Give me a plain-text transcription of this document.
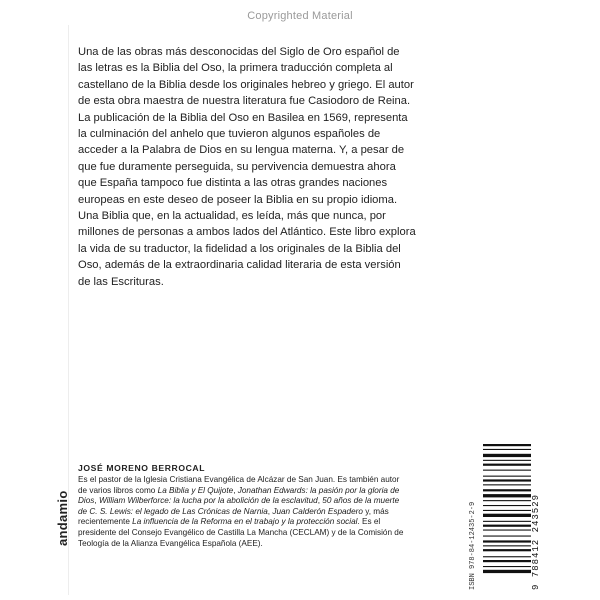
Copyrighted Material

Una de las obras más desconocidas del Siglo de Oro español de las letras es la Biblia del Oso, la primera traducción completa al castellano de la Biblia desde los originales hebreo y griego. El autor de esta obra maestra de nuestra literatura fue Casiodoro de Reina. La publicación de la Biblia del Oso en Basilea en 1569, representa la culminación del anhelo que tuvieron algunos españoles de acceder a la Palabra de Dios en su lengua materna. Y, a pesar de que fue duramente perseguida, su pervivencia demuestra ahora que España tampoco fue distinta a las otras grandes naciones europeas en este deseo de poseer la Biblia en su propio idioma. Una Biblia que, en la actualidad, es leída, más que nunca, por millones de personas a ambos lados del Atlántico. Este libro explora la vida de su traductor, la fidelidad a los originales de la Biblia del Oso, además de la extraordinaria calidad literaria de esta versión de las Escrituras.

JOSÉ MORENO BERROCAL

Es el pastor de la Iglesia Cristiana Evangélica de Alcázar de San Juan. Es también autor de varios libros como La Biblia y El Quijote, Jonathan Edwards: la pasión por la gloria de Dios, William Wilberforce: la lucha por la abolición de la esclavitud, 50 años de la muerte de C. S. Lewis: el legado de Las Crónicas de Narnia, Juan Calderón Espadero y, más recientemente La influencia de la Reforma en el trabajo y la protección social. Es el presidente del Consejo Evangélico de Castilla La Mancha (CECLAM) y de la Comisión de Teología de la Alianza Evangélica Española (AEE).

andamio	ISBN 978-84-12435-2-9	9 788412 243529
